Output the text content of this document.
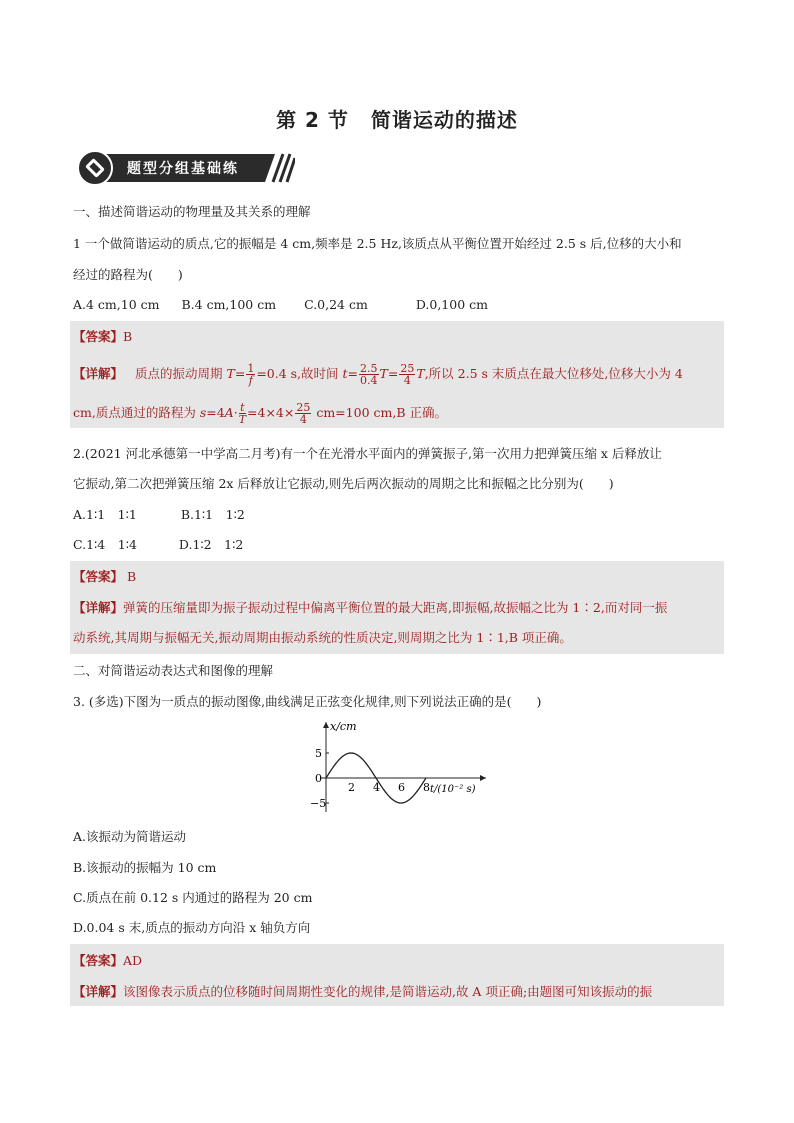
第 2 节 简谐运动的描述
题型分组基础练
一、描述简谐运动的物理量及其关系的理解
1 一个做简谐运动的质点,它的振幅是 4 cm,频率是 2.5 Hz,该质点从平衡位置开始经过 2.5 s 后,位移的大小和
经过的路程为(　　)
A.4 cm,10 cm B.4 cm,100 cm C.0,24 cm	D.0,100 cm
【答案】B
【详解】 质点的振动周期 $T= \frac{1}{f}=0.4$ s,故时间 $t= \frac{2.5}{0.4} T= \frac{25}{4} T$,所以 2.5 s 末质点在最大位移处,位移大小为 4
cm,质点通过的路程为 $s=4A\cdot \frac{t}{T} =4\times 4\times \frac{25}{4} cm=100$ cm,B 正确。
2.(2021 河北承德第一中学高二月考)有一个在光滑水平面内的弹簧振子,第一次用力把弹簧压缩 x 后释放让
它振动,第二次把弹簧压缩 2x 后释放让它振动,则先后两次振动的周期之比和振幅之比分别为(　　)
A.1∶1　1∶1	B.1∶1　1∶2
C.1∶4　1∶4	D.1∶2　1∶2
【答案】 B
【详解】弹簧的压缩量即为振子振动过程中偏离平衡位置的最大距离,即振幅,故振幅之比为 1∶2,而对同一振
动系统,其周期与振幅无关,振动周期由振动系统的性质决定,则周期之比为 1∶1,B 项正确。
二、对简谐运动表达式和图像的理解
3. (多选)下图为一质点的振动图像,曲线满足正弦变化规律,则下列说法正确的是(　　)
2 4 6 8
5
0
−5
x/cm
t/(10⁻² s)
A.该振动为简谐运动
B.该振动的振幅为 10 cm
C.质点在前 0.12 s 内通过的路程为 20 cm
D.0.04 s 末,质点的振动方向沿 x 轴负方向
【答案】AD
【详解】该图像表示质点的位移随时间周期性变化的规律,是简谐运动,故 A 项正确;由题图可知该振动的振
